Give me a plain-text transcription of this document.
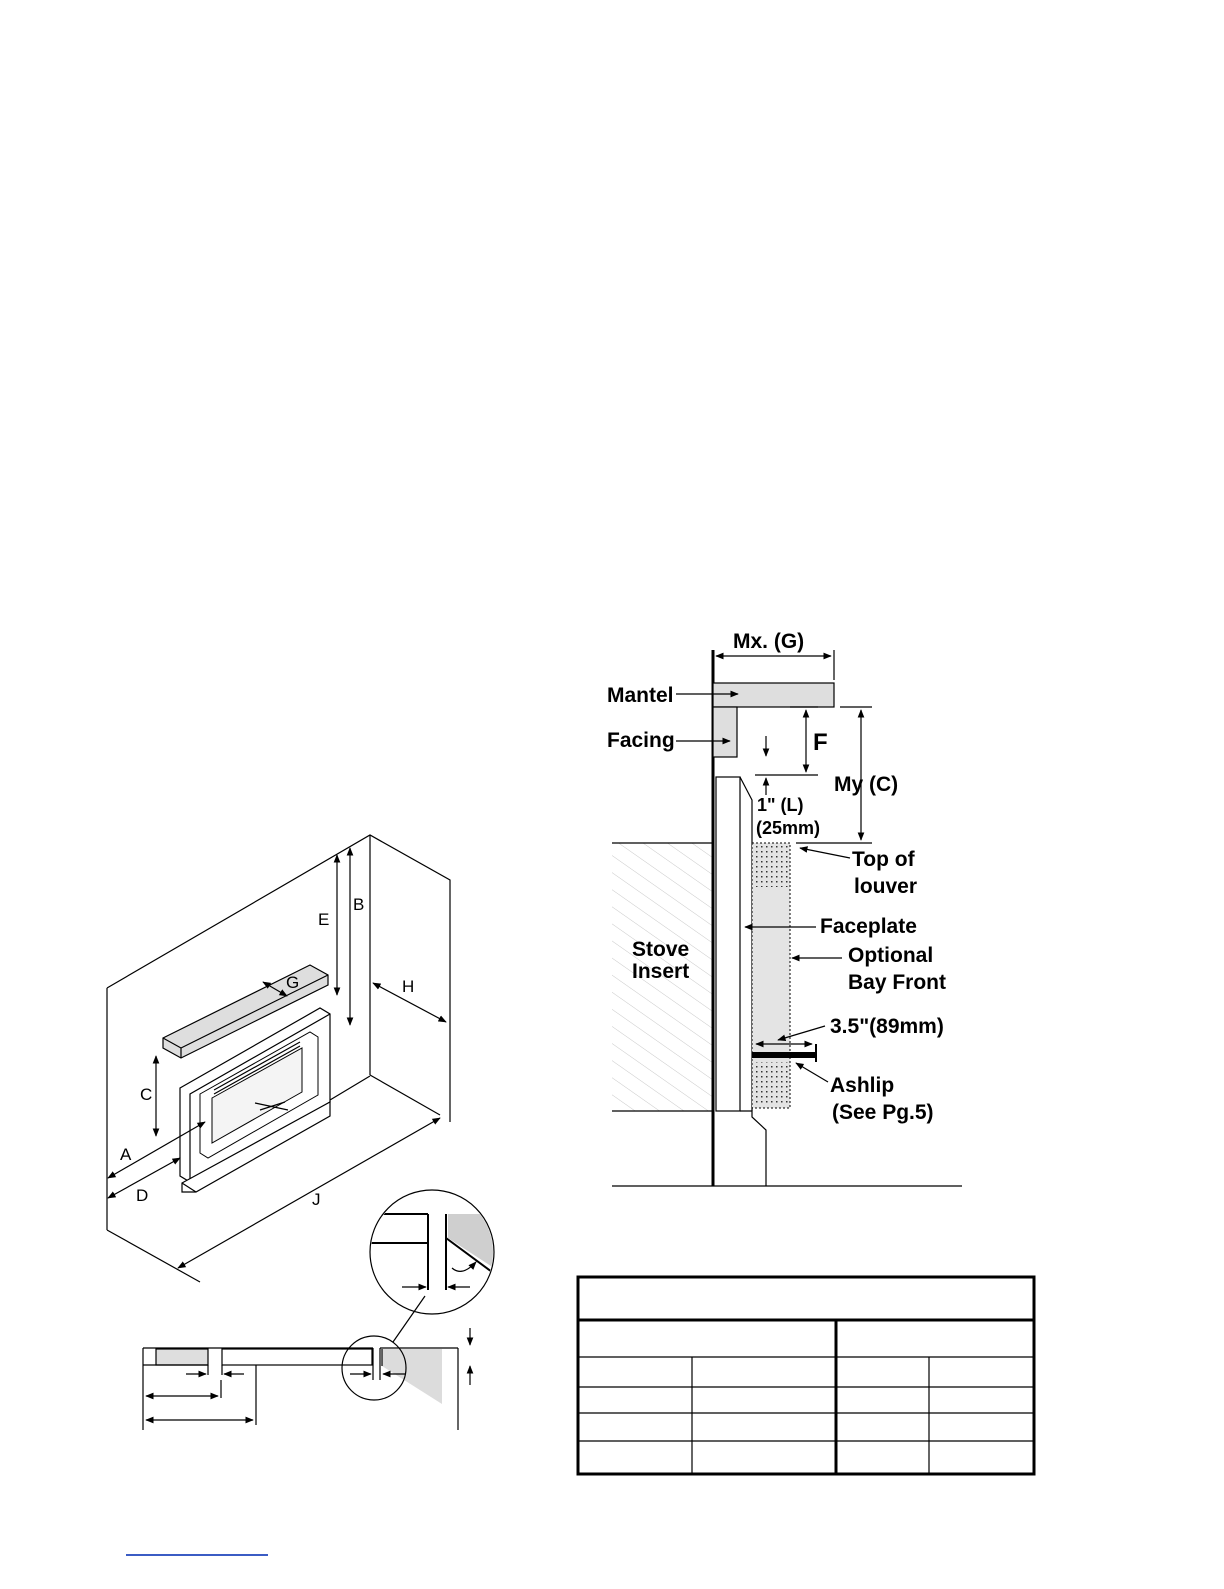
Mx. (G)
Mantel
Facing	F
My (C)
1" (L)
(25mm)
Top of
louver
Stove
Insert
Faceplate
Optional
Bay Front
3.5"(89mm)
Ashlip
(See Pg.5)
B
E
G	H
C
A
D	J
